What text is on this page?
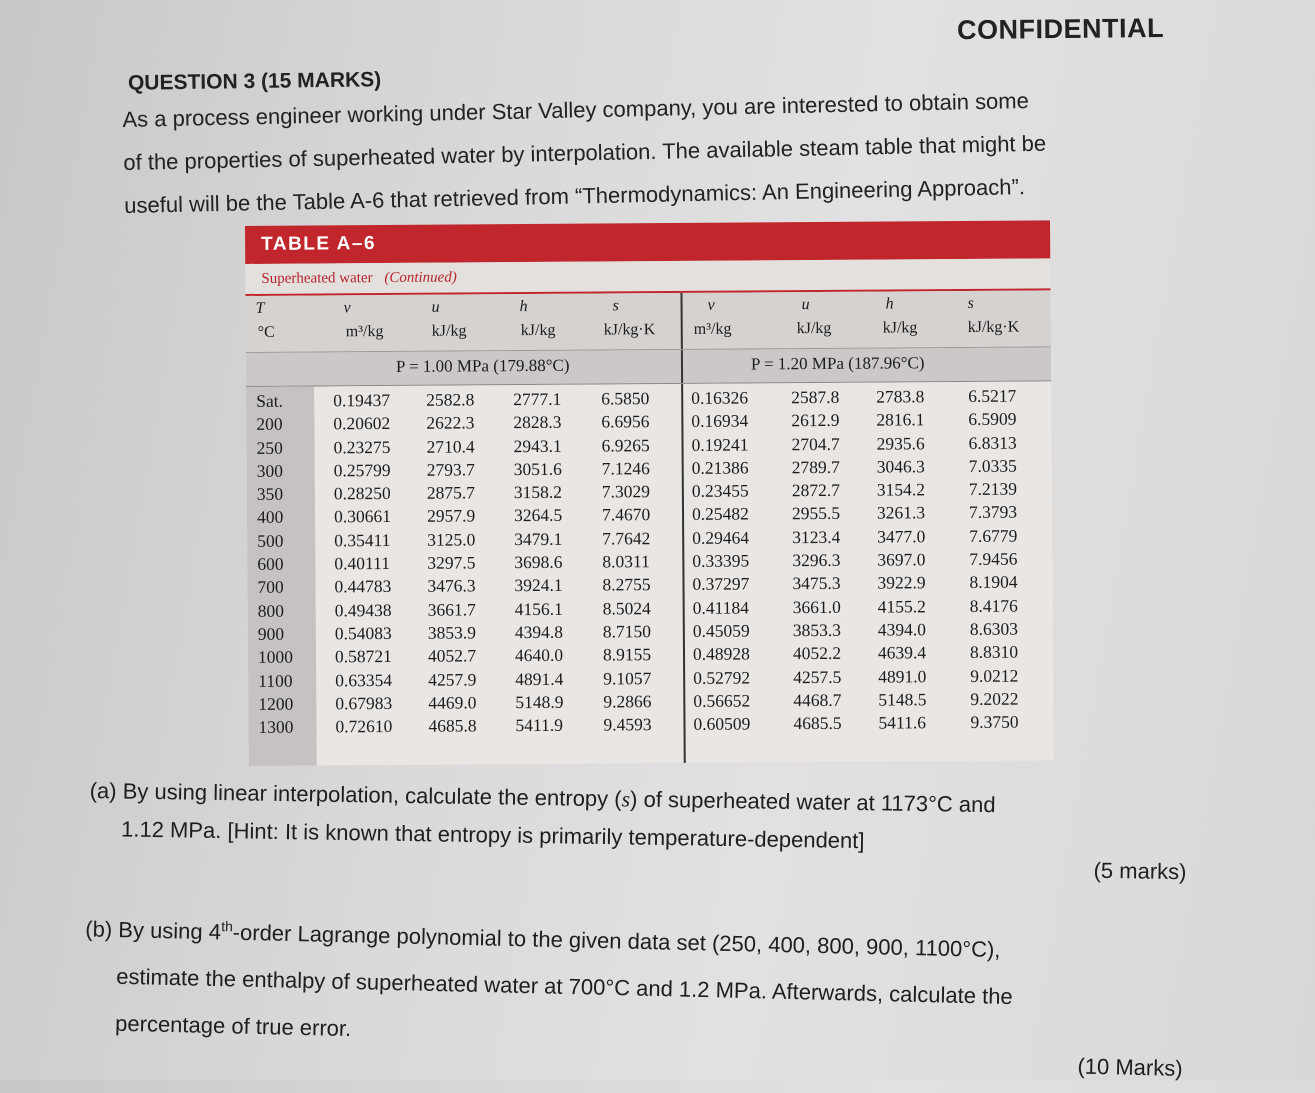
CONFIDENTIAL
QUESTION 3 (15 MARKS)
As a process engineer working under Star Valley company, you are interested to obtain some
of the properties of superheated water by interpolation. The available steam table that might be
useful will be the Table A-6 that retrieved from “Thermodynamics: An Engineering Approach”.
TABLE A–6
Superheated water (Continued)
T	v	u	h	s	v	u	h	s
°C	m³/kg	kJ/kg	kJ/kg	kJ/kg·K m³/kg	kJ/kg	kJ/kg	kJ/kg·K
P = 1.00 MPa (179.88°C)	P = 1.20 MPa (187.96°C)
Sat.	0.19437 2582.8 2777.1 6.5850 0.16326 2587.8 2783.8 6.5217
200	0.20602 2622.3 2828.3 6.6956 0.16934 2612.9 2816.1 6.5909
250	0.23275 2710.4 2943.1 6.9265 0.19241 2704.7 2935.6 6.8313
300	0.25799 2793.7 3051.6 7.1246 0.21386 2789.7 3046.3 7.0335
350	0.28250 2875.7 3158.2 7.3029 0.23455 2872.7 3154.2 7.2139
400	0.30661 2957.9 3264.5 7.4670 0.25482 2955.5 3261.3 7.3793
500	0.35411 3125.0 3479.1 7.7642 0.29464 3123.4 3477.0 7.6779
600	0.40111 3297.5 3698.6 8.0311 0.33395 3296.3 3697.0 7.9456
700	0.44783 3476.3 3924.1 8.2755 0.37297 3475.3 3922.9 8.1904
800	0.49438 3661.7 4156.1 8.5024 0.41184 3661.0 4155.2 8.4176
900	0.54083 3853.9 4394.8 8.7150 0.45059 3853.3 4394.0 8.6303
1000 0.58721 4052.7 4640.0 8.9155 0.48928 4052.2 4639.4 8.8310
1100 0.63354 4257.9 4891.4 9.1057 0.52792 4257.5 4891.0 9.0212
1200 0.67983 4469.0 5148.9 9.2866 0.56652 4468.7 5148.5 9.2022
1300 0.72610 4685.8 5411.9 9.4593 0.60509 4685.5 5411.6	9.3750
(a) By using linear interpolation, calculate the entropy (s) of superheated water at 1173°C and
1.12 MPa. [Hint: It is known that entropy is primarily temperature-dependent]
(5 marks)
(b) By using 4th-order Lagrange polynomial to the given data set (250, 400, 800, 900, 1100°C),
estimate the enthalpy of superheated water at 700°C and 1.2 MPa. Afterwards, calculate the
percentage of true error.
(10 Marks)
